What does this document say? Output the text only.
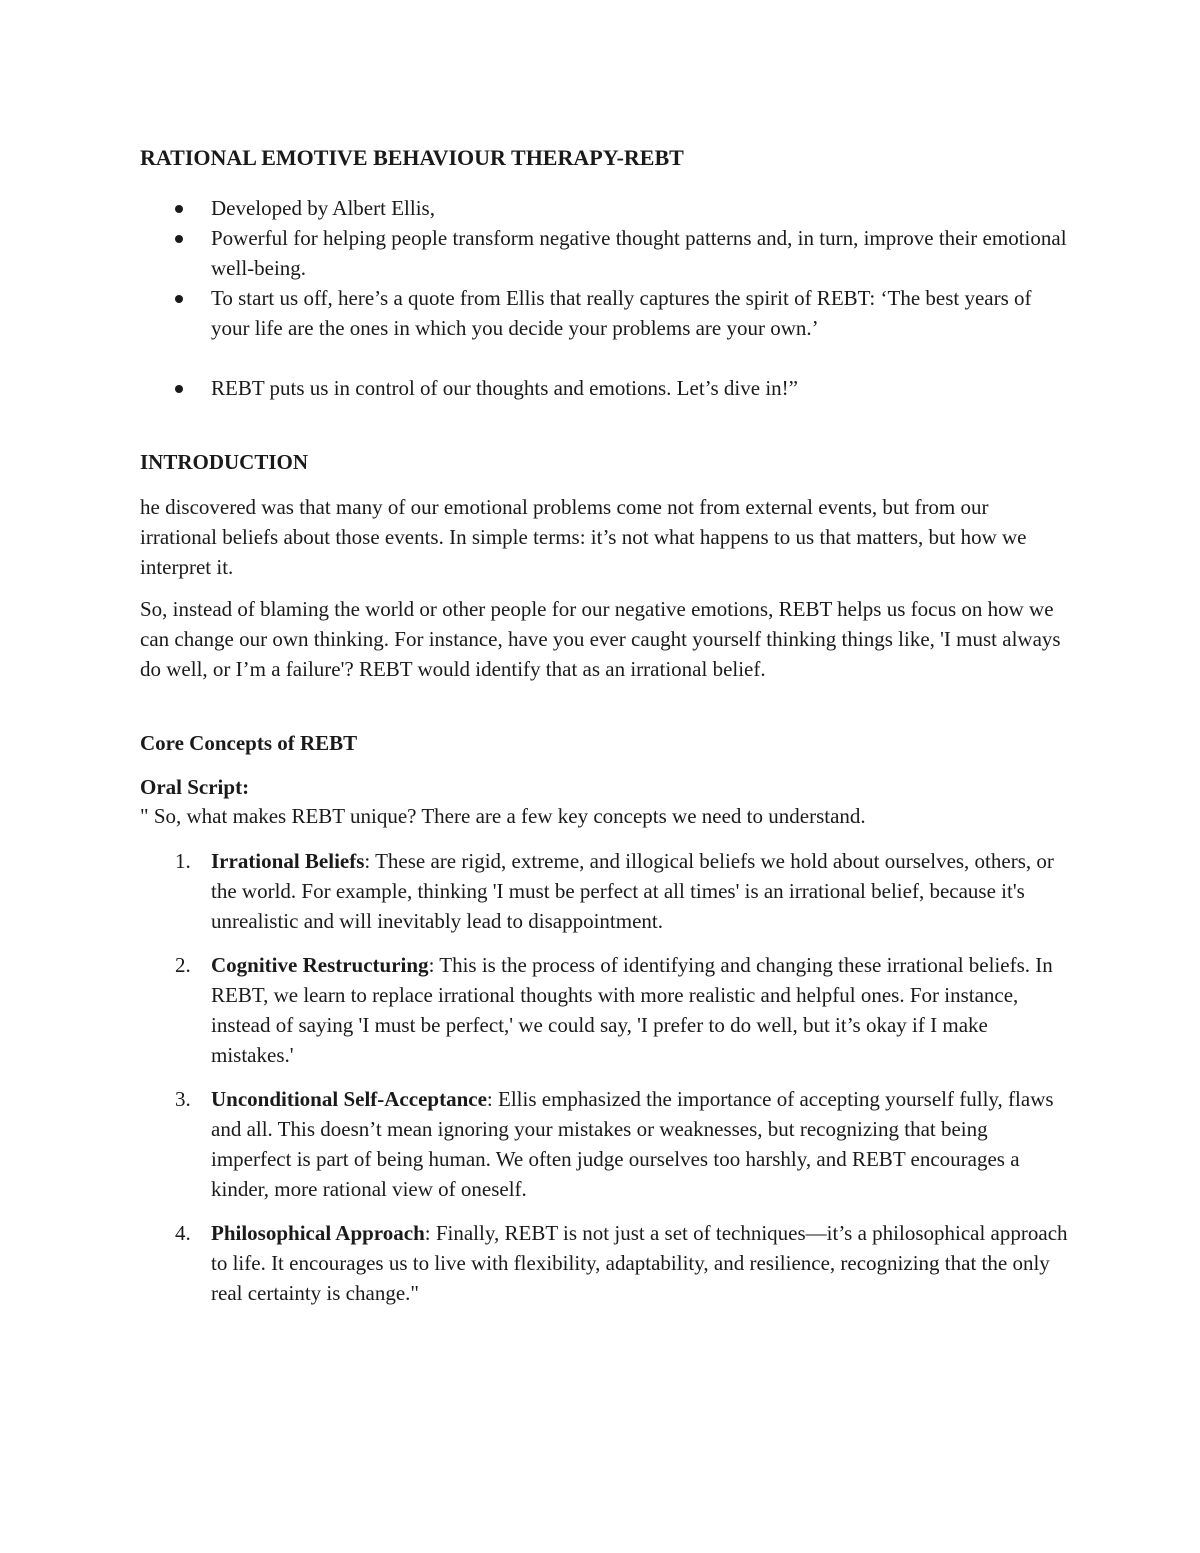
RATIONAL EMOTIVE BEHAVIOUR THERAPY-REBT
Developed by Albert Ellis,
Powerful for helping people transform negative thought patterns and, in turn, improve their emotional well-being.
To start us off, here’s a quote from Ellis that really captures the spirit of REBT: ‘The best years of your life are the ones in which you decide your problems are your own.’
REBT puts us in control of our thoughts and emotions. Let’s dive in!”
INTRODUCTION

he discovered was that many of our emotional problems come not from external events, but from our irrational beliefs about those events. In simple terms: it’s not what happens to us that matters, but how we interpret it.

So, instead of blaming the world or other people for our negative emotions, REBT helps us focus on how we can change our own thinking. For instance, have you ever caught yourself thinking things like, 'I must always do well, or I’m a failure'? REBT would identify that as an irrational belief.

Core Concepts of REBT
Oral Script:
" So, what makes REBT unique? There are a few key concepts we need to understand.
1. Irrational Beliefs: These are rigid, extreme, and illogical beliefs we hold about ourselves, others, or the world. For example, thinking 'I must be perfect at all times' is an irrational belief, because it's unrealistic and will inevitably lead to disappointment.
2. Cognitive Restructuring: This is the process of identifying and changing these irrational beliefs. In REBT, we learn to replace irrational thoughts with more realistic and helpful ones. For instance, instead of saying 'I must be perfect,' we could say, 'I prefer to do well, but it’s okay if I make mistakes.'
3. Unconditional Self-Acceptance: Ellis emphasized the importance of accepting yourself fully, flaws and all. This doesn’t mean ignoring your mistakes or weaknesses, but recognizing that being imperfect is part of being human. We often judge ourselves too harshly, and REBT encourages a kinder, more rational view of oneself.
4. Philosophical Approach: Finally, REBT is not just a set of techniques—it’s a philosophical approach to life. It encourages us to live with flexibility, adaptability, and resilience, recognizing that the only real certainty is change."
